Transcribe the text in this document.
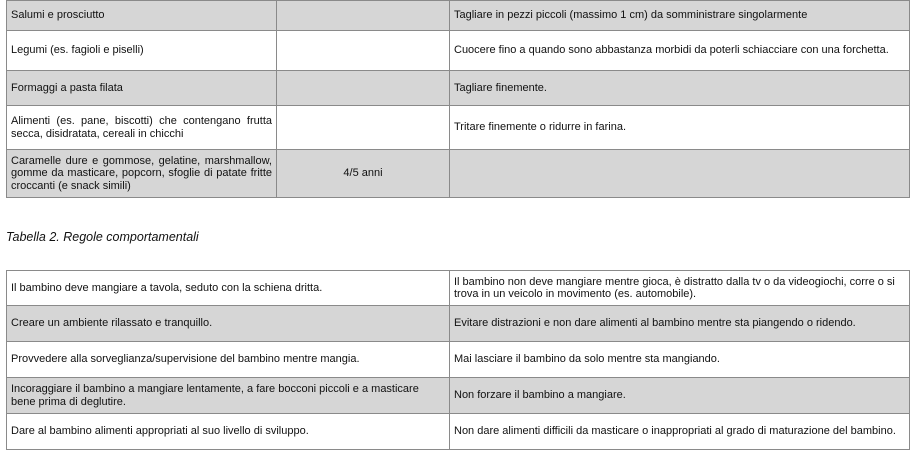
Salumi e prosciutto		Tagliare in pezzi piccoli (massimo 1 cm) da somministrare singolarmente
Legumi (es. fagioli e piselli)		Cuocere fino a quando sono abbastanza morbidi da poterli schiacciare con una forchetta.
Formaggi a pasta filata		Tagliare finemente.
Alimenti (es. pane, biscotti) che contengano frutta secca, disidratata, cereali in chicchi		Tritare finemente o ridurre in farina.
Caramelle dure e gommose, gelatine, marshmallow, gomme da masticare, popcorn, sfoglie di patate fritte croccanti (e snack simili)	4/5 anni	
Tabella 2. Regole comportamentali
Il bambino deve mangiare a tavola, seduto con la schiena dritta.	Il bambino non deve mangiare mentre gioca, è distratto dalla tv o da videogiochi, corre o si trova in un veicolo in movimento (es. automobile).
Creare un ambiente rilassato e tranquillo.	Evitare distrazioni e non dare alimenti al bambino mentre sta piangendo o ridendo.
Provvedere alla sorveglianza/supervisione del bambino mentre mangia.	Mai lasciare il bambino da solo mentre sta mangiando.
Incoraggiare il bambino a mangiare lentamente, a fare bocconi piccoli e a masticare bene prima di deglutire.	Non forzare il bambino a mangiare.
Dare al bambino alimenti appropriati al suo livello di sviluppo.	Non dare alimenti difficili da masticare o inappropriati al grado di maturazione del bambino.
